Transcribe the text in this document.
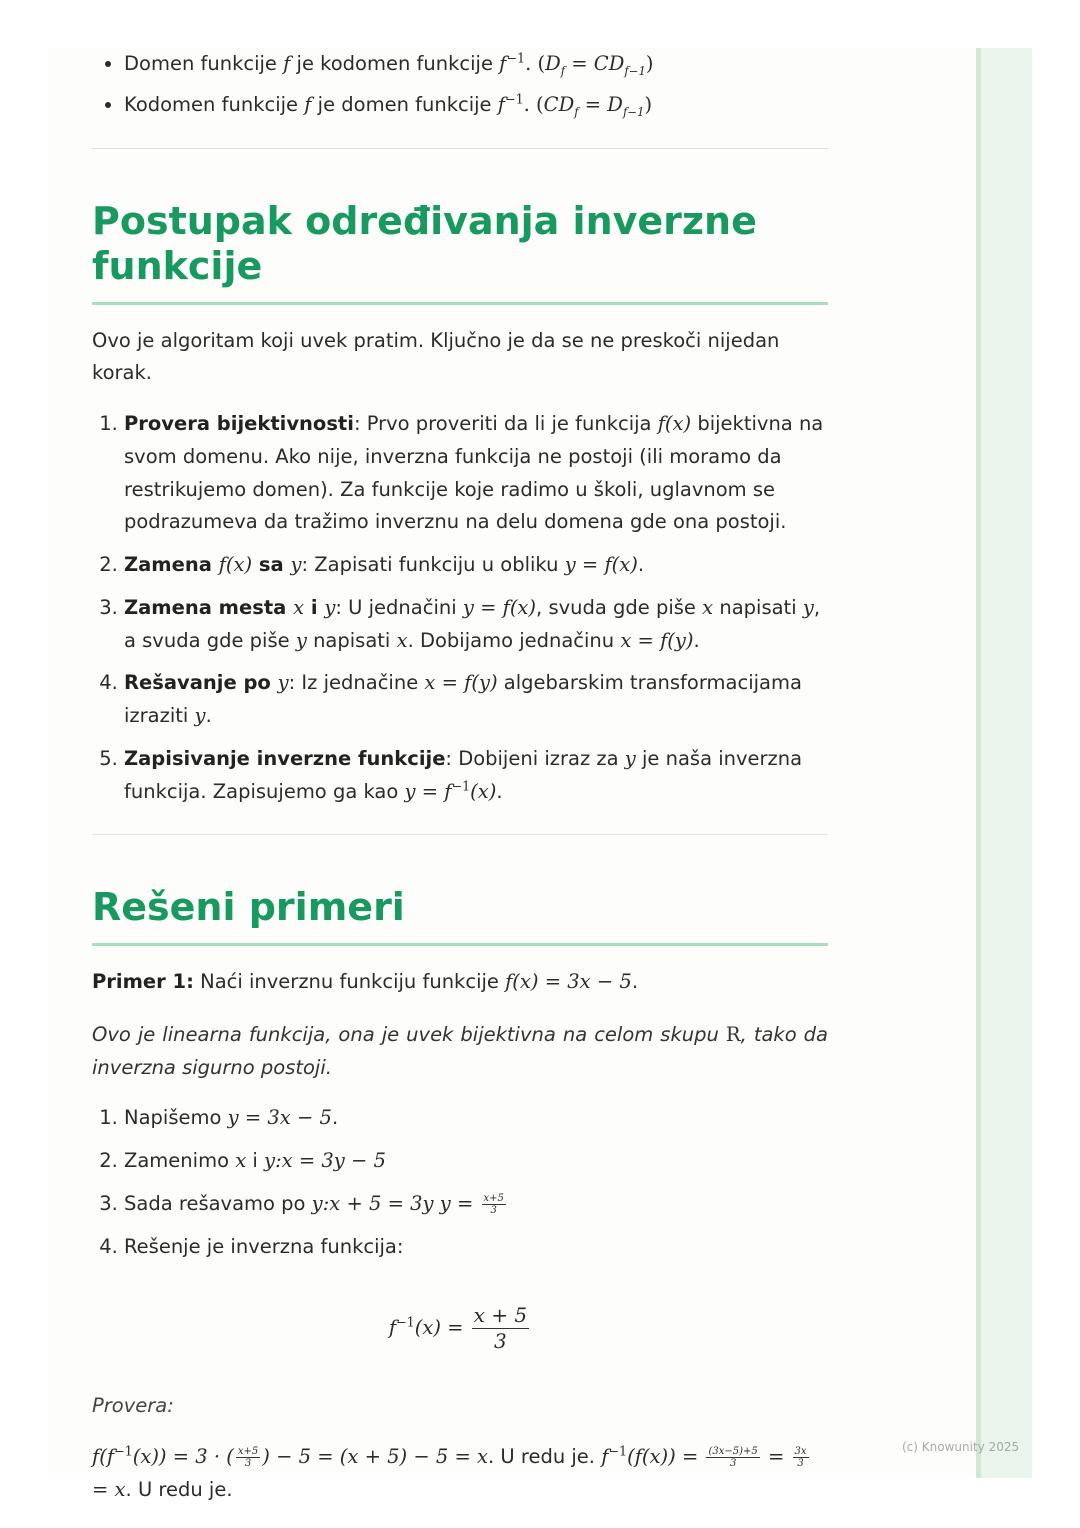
(c) Knowunity 2025
• Domen funkcije f je kodomen funkcije $f^{-1}$. $(D_f = CD_{f-1})$
• Kodomen funkcije f je domen funkcije $f^{-1}$. $(CD_f = D_{f-1})$
Postupak određivanja inverzne funkcije

Ovo je algoritam koji uvek pratim. Ključno je da se ne preskoči nijedan korak.

1. Provera bijektivnosti: Prvo proveriti da li je funkcija f(x) bijektivna na svom domenu. Ako nije, inverzna funkcija ne postoji (ili moramo da restrikujemo domen). Za funkcije koje radimo u školi, uglavnom se podrazumeva da tražimo inverznu na delu domena gde ona postoji.
2. Zamena f(x) sa y: Zapisati funkciju u obliku y = f(x).
3. Zamena mesta x i y: U jednačini y = f(x), svuda gde piše x napisati y, a svuda gde piše y napisati x. Dobijamo jednačinu x = f(y).
4. Rešavanje po y: Iz jednačine x = f(y) algebarskim transformacijama izraziti y.
5. Zapisivanje inverzne funkcije: Dobijeni izraz za y je naša inverzna funkcija. Zapisujemo ga kao $y = f^{-1}(x)$.
Rešeni primeri

Primer 1: Naći inverznu funkciju funkcije f(x) = 3x − 5.

Ovo je linearna funkcija, ona je uvek bijektivna na celom skupu R, tako da inverzna sigurno postoji.

1. Napišemo y = 3x − 5.
2. Zamenimo x i y:x = 3y − 5
3. Sada rešavamo po y:x + 5 = 3y $y = \frac{x+5}{3}$
4. Rešenje je inverzna funkcija:
$f^{-1}(x) = \frac{x + 5}{3}$

Provera:

$f(f^{-1}(x)) = 3$ · ( $\frac{x+5}{3}$ ) − 5 = (x + 5) − 5 = x. U redu je. $f^{-1}(f(x)) = \frac{(3x-5)+5}{3} = \frac{3x}{3}$
= x. U redu je.
